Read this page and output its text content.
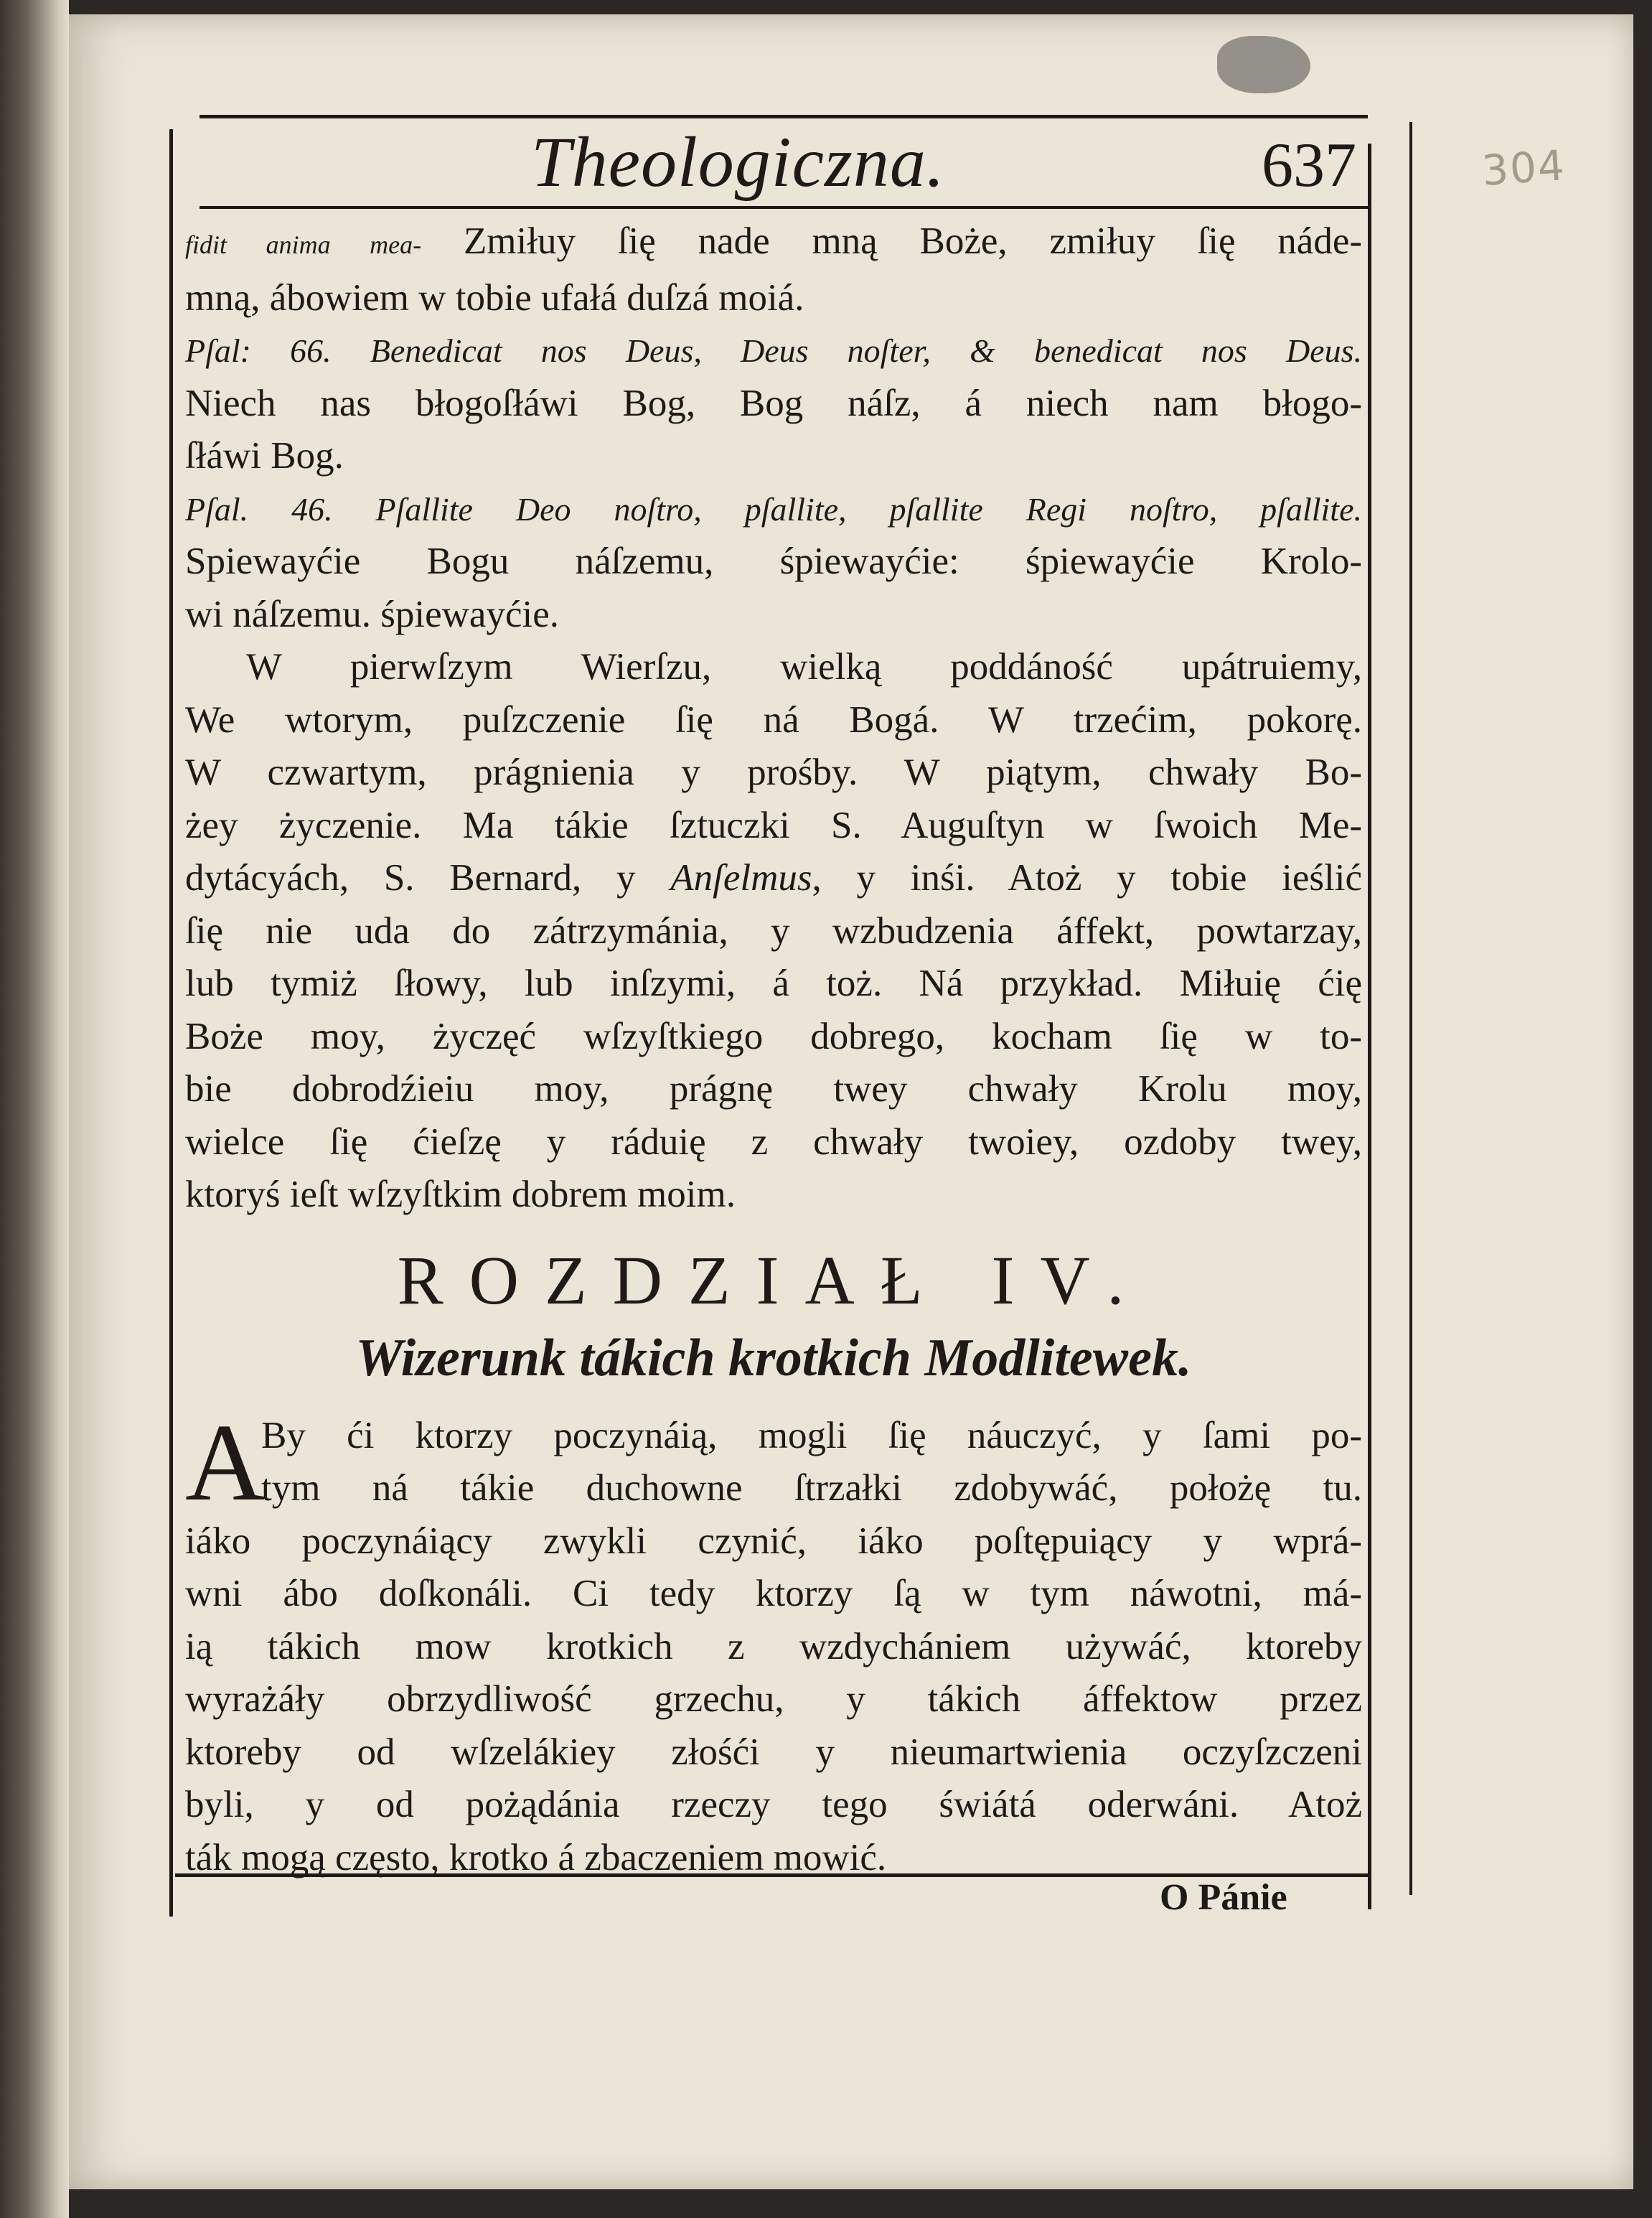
304
Theologiczna.	637
fidit anima mea- Zmiłuy ſię nade mną Boże, zmiłuy ſię náde-
mną, ábowiem w tobie ufałá duſzá moiá.
Pſal: 66. Benedicat nos Deus, Deus noſter, & benedicat nos Deus.
Niech nas błogoſłáwi Bog, Bog náſz, á niech nam błogo-
ſłáwi Bog.
Pſal. 46. Pſallite Deo noſtro, pſallite, pſallite Regi noſtro, pſallite.
Spiewayćie Bogu náſzemu, śpiewayćie: śpiewayćie Krolo-
wi náſzemu. śpiewayćie.
W pierwſzym Wierſzu, wielką poddáność upátruiemy,
We wtorym, puſzczenie ſię ná Bogá. W trzećim, pokorę.
W czwartym, prágnienia y prośby. W piątym, chwały Bo-
żey życzenie. Ma tákie ſztuczki S. Auguſtyn w ſwoich Me-
dytácyách, S. Bernard, y Anſelmus, y inśi. Atoż y tobie ieślić
ſię nie uda do zátrzymánia, y wzbudzenia áffekt, powtarzay,
lub tymiż ſłowy, lub inſzymi, á toż. Ná przykład. Miłuię ćię
Boże moy, życzęć wſzyſtkiego dobrego, kocham ſię w to-
bie dobrodźieiu moy, prágnę twey chwały Krolu moy,
wielce ſię ćieſzę y ráduię z chwały twoiey, ozdoby twey,
ktoryś ieſt wſzyſtkim dobrem moim.
ROZDZIAŁ IV.
Wizerunk tákich krotkich Modlitewek.
A
By ći ktorzy poczynáią, mogli ſię náuczyć, y ſami po-
tym ná tákie duchowne ſtrzałki zdobywáć, położę tu.
iáko poczynáiący zwykli czynić, iáko poſtępuiący y wprá-
wni ábo doſkonáli. Ci tedy ktorzy ſą w tym náwotni, má-
ią tákich mow krotkich z wzdychániem używáć, ktoreby
wyrażáły obrzydliwość grzechu, y tákich áffektow przez
ktoreby od wſzelákiey złośći y nieumartwienia oczyſzczeni
byli, y od pożądánia rzeczy tego świátá oderwáni. Atoż
ták mogą często, krotko á zbaczeniem mowić.
O Pánie
